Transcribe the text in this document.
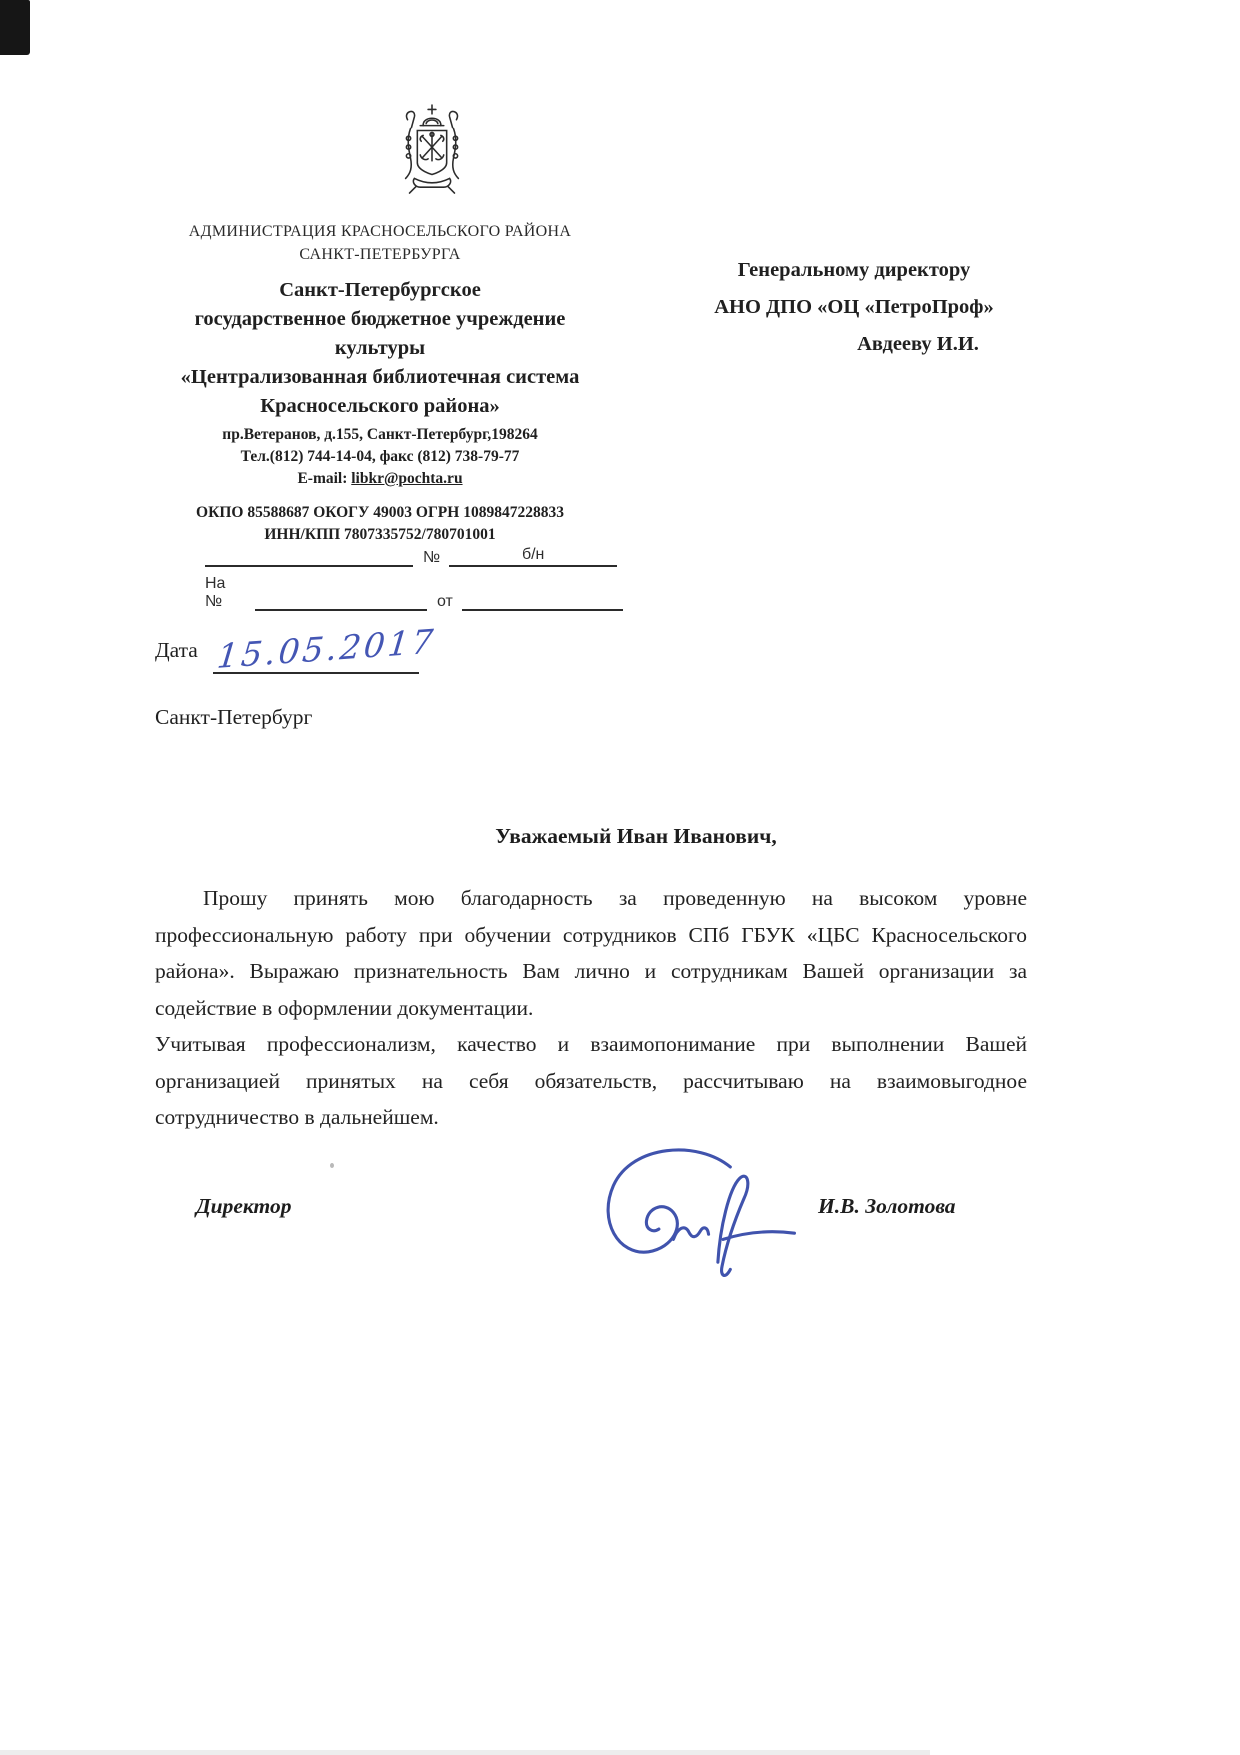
АДМИНИСТРАЦИЯ КРАСНОСЕЛЬСКОГО РАЙОНА
САНКТ-ПЕТЕРБУРГА
Санкт-Петербургское
государственное бюджетное учреждение
культуры
«Централизованная библиотечная система
Красносельского района»
пр.Ветеранов, д.155, Санкт-Петербург,198264
Тел.(812) 744-14-04, факс (812) 738-79-77
E-mail: libkr@pochta.ru
ОКПО 85588687 ОКОГУ 49003 ОГРН 1089847228833
ИНН/КПП 7807335752/780701001
№	б/н
На №	от
Генеральному директору
АНО ДПО «ОЦ «ПетроПроф»
Авдееву И.И.
Дата 15.05.2017
Санкт-Петербург
Уважаемый Иван Иванович,
Прошу принять мою благодарность за проведенную на высоком уровне профессиональную работу при обучении сотрудников СПб ГБУК «ЦБС Красносельского района». Выражаю признательность Вам лично и сотрудникам Вашей организации за содействие в оформлении документации.
Учитывая профессионализм, качество и взаимопонимание при выполнении Вашей организацией принятых на себя обязательств, рассчитываю на взаимовыгодное сотрудничество в дальнейшем.
Директор	И.В. Золотова
